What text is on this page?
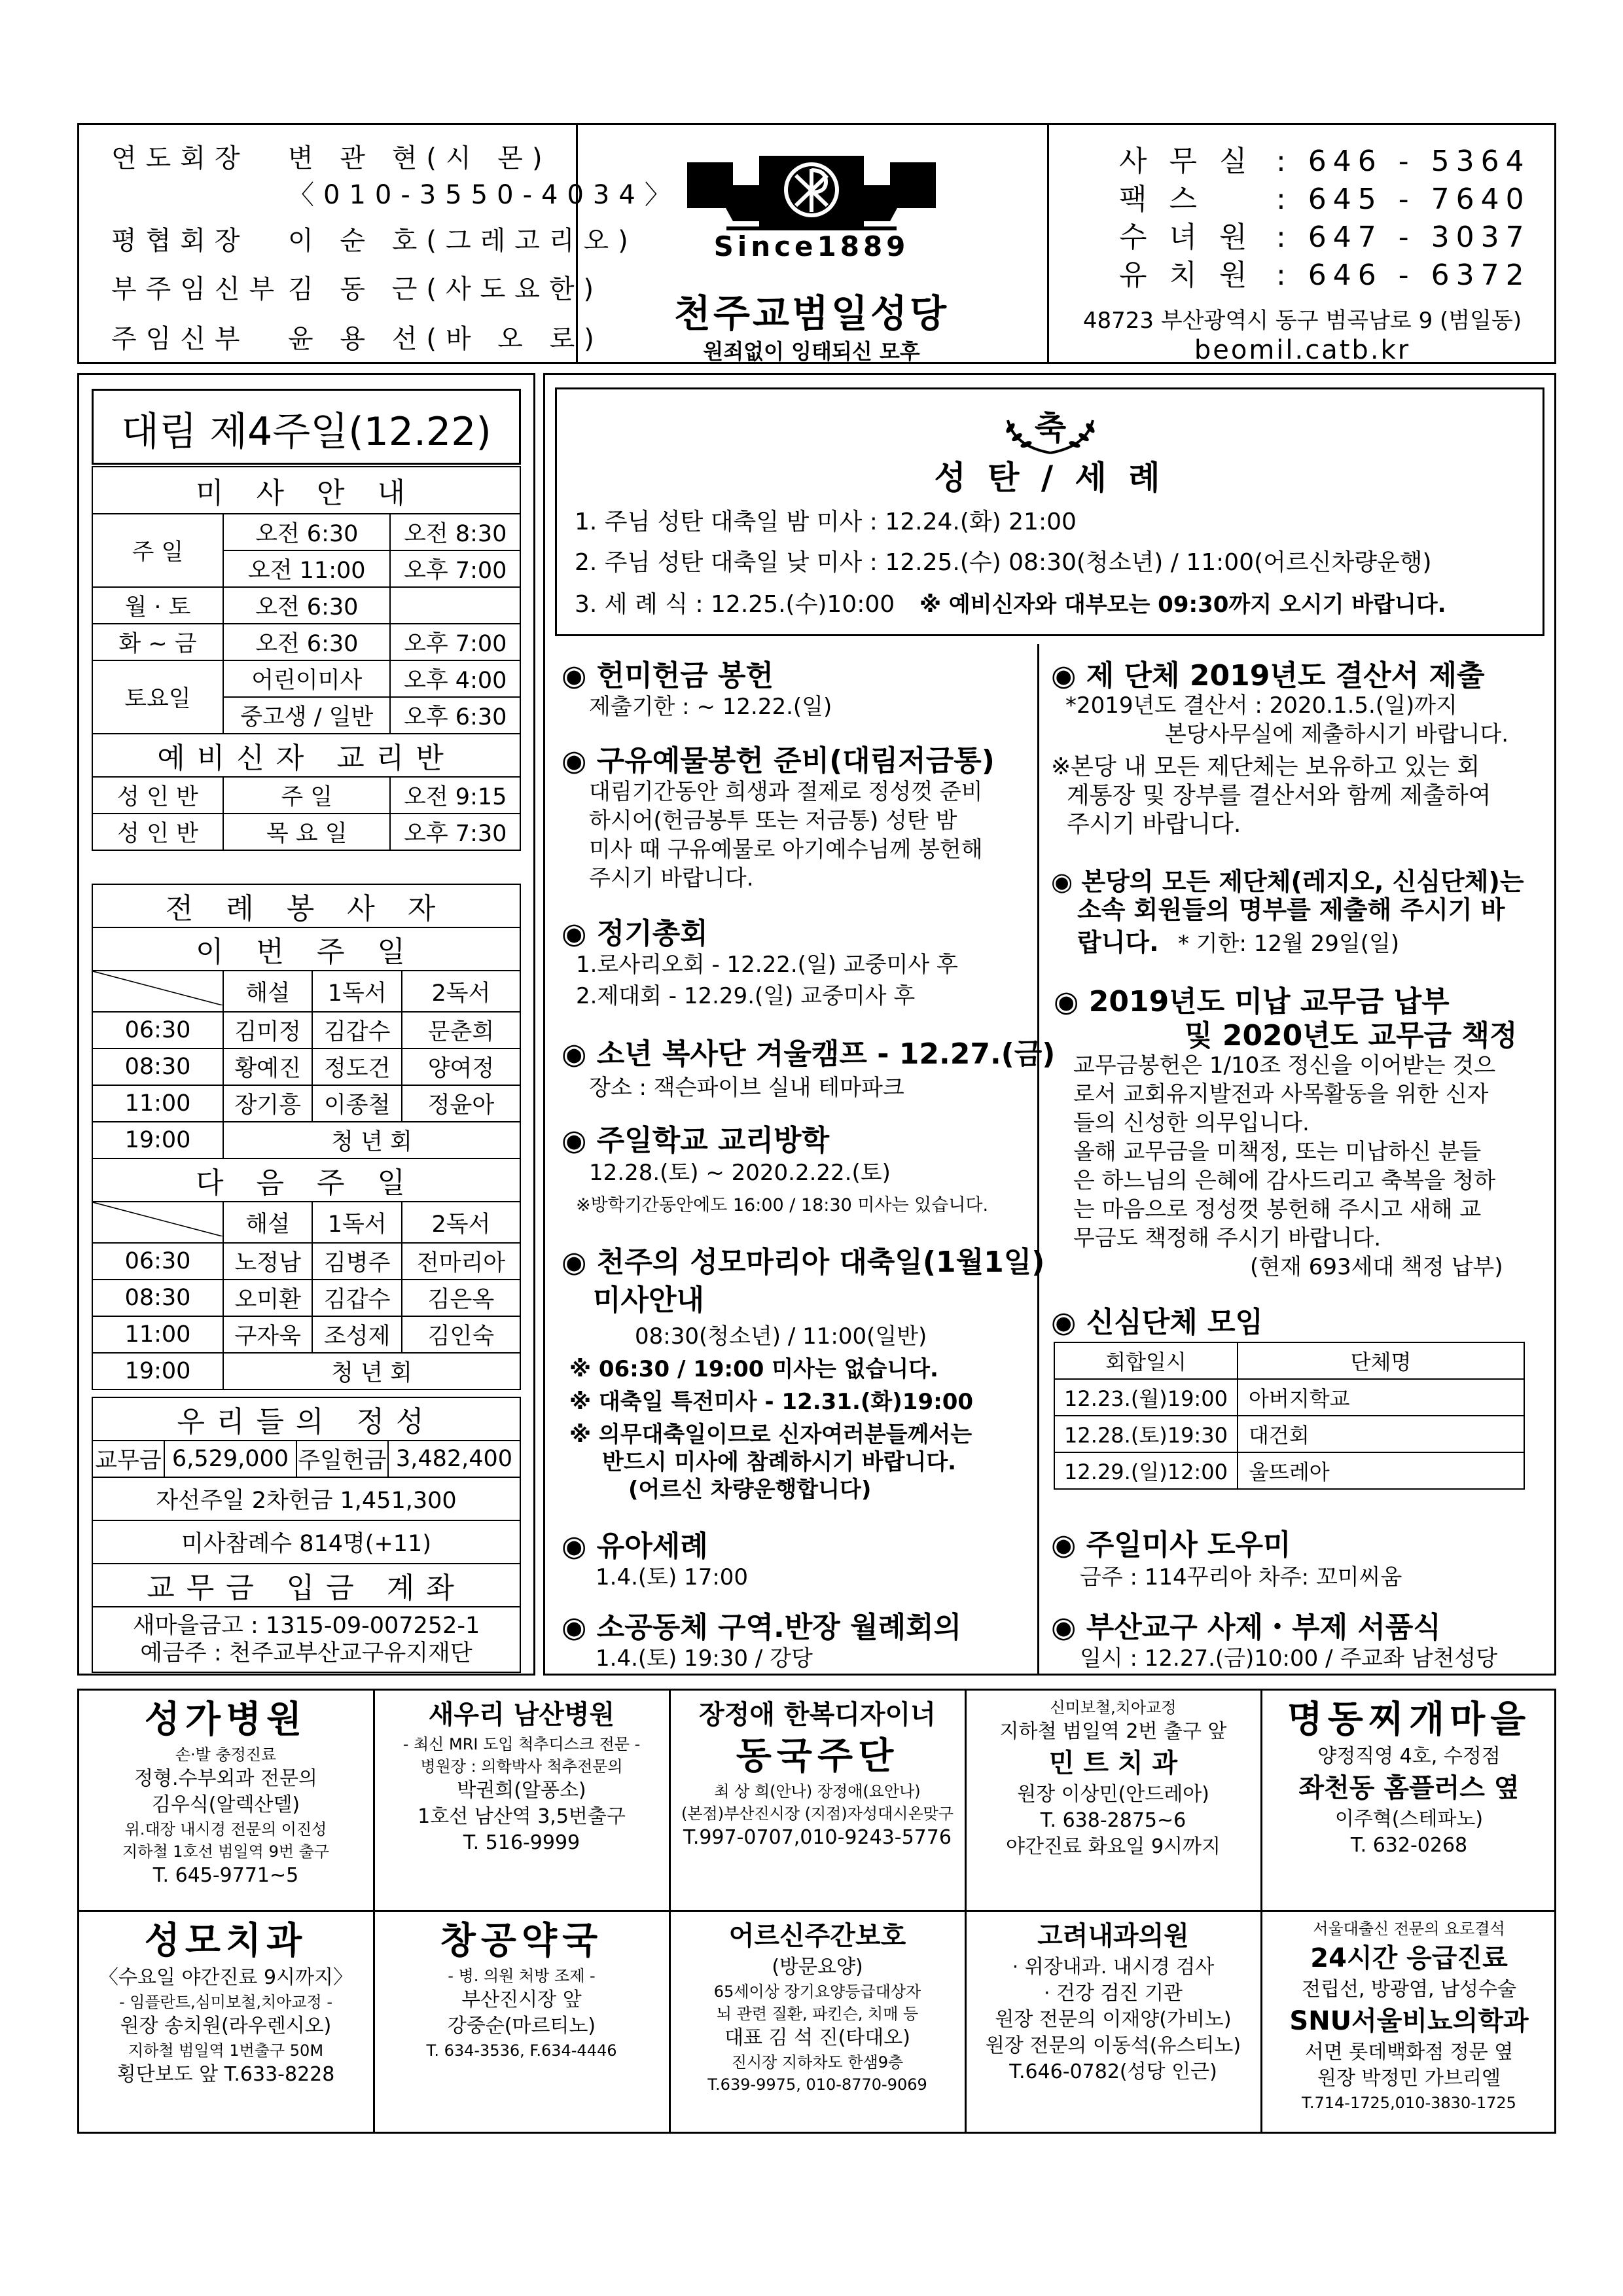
연도회장 변 관 현(시 몬)
〈010-3550-4034〉
평협회장 이 순 호(그레고리오)
부주임신부 김 동 근(사도요한)
주임신부 윤 용 선(바 오 로)
Since1889
천주교범일성당
원죄없이 잉태되신 모후
사 무 실 : 646 - 5364
팩 스	: 645 - 7640
수 녀 원 : 647 - 3037
유 치 원 : 646 - 6372
48723 부산광역시 동구 범곡남로 9 (범일동)
beomil.catb.kr
대림 제4주일(12.22)
미 사 안 내		
주 일	오전 6:30	오전 8:30
	오전 11:00	오후 7:00
월 · 토	오전 6:30	
화 ~ 금	오전 6:30	오후 7:00
토요일	어린이미사	오후 4:00
	중고생 / 일반	오후 6:30
예비신자 교리반		
성 인 반	주 일	오전 9:15
성 인 반	목 요 일	오후 7:30
전 례 봉 사 자			
이 번 주 일			
	해설	1독서	2독서
06:30	김미정	김갑수	문춘희
08:30	황예진	정도건	양여정
11:00	장기흥	이종철	정윤아
19:00	청 년 회		
다 음 주 일			
	해설	1독서	2독서
06:30	노정남	김병주	전마리아
08:30	오미환	김갑수	김은옥
11:00	구자욱	조성제	김인숙
19:00	청 년 회		
우리들의 정성
교무금	6,529,000	주일헌금	3,482,400
자선주일 2차헌금 1,451,300
미사참례수 814명(+11)
교무금 입금 계좌

새마을금고 : 1315-09-007252-1
예금주 : 천주교부산교구유지재단
축
성 탄 / 세 례
1. 주님 성탄 대축일 밤 미사 : 12.24.(화) 21:00
2. 주님 성탄 대축일 낮 미사 : 12.25.(수) 08:30(청소년) / 11:00(어르신차량운행)
3. 세 례 식 : 12.25.(수)10:00 ※ 예비신자와 대부모는 09:30까지 오시기 바랍니다.
◉ 헌미헌금 봉헌
제출기한 : ~ 12.22.(일)
◉ 구유예물봉헌 준비(대림저금통)
대림기간동안 희생과 절제로 정성껏 준비
하시어(헌금봉투 또는 저금통) 성탄 밤
미사 때 구유예물로 아기예수님께 봉헌해
주시기 바랍니다.
◉ 정기총회
1.로사리오회 - 12.22.(일) 교중미사 후
2.제대회 - 12.29.(일) 교중미사 후
◉ 소년 복사단 겨울캠프 - 12.27.(금)
장소 : 잭슨파이브 실내 테마파크
◉ 주일학교 교리방학
12.28.(토) ~ 2020.2.22.(토)
※방학기간동안에도 16:00 / 18:30 미사는 있습니다.
◉ 천주의 성모마리아 대축일(1월1일)
미사안내
08:30(청소년) / 11:00(일반)
※ 06:30 / 19:00 미사는 없습니다.
※ 대축일 특전미사 - 12.31.(화)19:00
※ 의무대축일이므로 신자여러분들께서는
반드시 미사에 참례하시기 바랍니다.
(어르신 차량운행합니다)
◉ 유아세례
1.4.(토) 17:00
◉ 소공동체 구역.반장 월례회의
1.4.(토) 19:30 / 강당
◉ 제 단체 2019년도 결산서 제출
*2019년도 결산서 : 2020.1.5.(일)까지
본당사무실에 제출하시기 바랍니다.
※본당 내 모든 제단체는 보유하고 있는 회
계통장 및 장부를 결산서와 함께 제출하여
주시기 바랍니다.
◉ 본당의 모든 제단체(레지오, 신심단체)는
소속 회원들의 명부를 제출해 주시기 바
랍니다. * 기한: 12월 29일(일)
◉ 2019년도 미납 교무금 납부
및 2020년도 교무금 책정
교무금봉헌은 1/10조 정신을 이어받는 것으
로서 교회유지발전과 사목활동을 위한 신자
들의 신성한 의무입니다.
올해 교무금을 미책정, 또는 미납하신 분들
은 하느님의 은혜에 감사드리고 축복을 청하
는 마음으로 정성껏 봉헌해 주시고 새해 교
무금도 책정해 주시기 바랍니다.
(현재 693세대 책정 납부)
◉ 신심단체 모임
회합일시	단체명
12.23.(월)19:00	아버지학교
12.28.(토)19:30	대건회
12.29.(일)12:00	울뜨레아
◉ 주일미사 도우미
금주 : 114꾸리아 차주: 꼬미씨움
◉ 부산교구 사제・부제 서품식
일시 : 12.27.(금)10:00 / 주교좌 남천성당
성가병원
손·발 충정진료
정형.수부외과 전문의
김우식(알렉산델)
위.대장 내시경 전문의 이진성
지하철 1호선 범일역 9번 출구
T. 645-9771~5
새우리 남산병원
- 최신 MRI 도입 척추디스크 전문 -
병원장 : 의학박사 척추전문의
박권희(알퐁소)
1호선 남산역 3,5번출구
T. 516-9999
장정애 한복디자이너
동국주단
최 상 희(안나) 장정애(요안나)
(본점)부산진시장 (지점)자성대시온맞구
T.997-0707,010-9243-5776
신미보철,치아교정
지하철 범일역 2번 출구 앞
민 트 치 과
원장 이상민(안드레아)
T. 638-2875~6
야간진료 화요일 9시까지
명동찌개마을
양정직영 4호, 수정점
좌천동 홈플러스 옆
이주혁(스테파노)
T. 632-0268
성모치과
〈수요일 야간진료 9시까지〉
- 임플란트,심미보철,치아교정 -
원장 송치원(라우렌시오)
지하철 범일역 1번출구 50M
횡단보도 앞 T.633-8228
창공약국
- 병. 의원 처방 조제 -
부산진시장 앞
강중순(마르티노)
T. 634-3536, F.634-4446
어르신주간보호
(방문요양)
65세이상 장기요양등급대상자
뇌 관련 질환, 파킨슨, 치매 등
대표 김 석 진(타대오)
진시장 지하차도 한샘9층
T.639-9975, 010-8770-9069
고려내과의원
· 위장내과. 내시경 검사
· 건강 검진 기관
원장 전문의 이재양(가비노)
원장 전문의 이동석(유스티노)
T.646-0782(성당 인근)
서울대출신 전문의 요로결석
24시간 응급진료
전립선, 방광염, 남성수술
SNU서울비뇨의학과
서면 롯데백화점 정문 옆
원장 박정민 가브리엘
T.714-1725,010-3830-1725
